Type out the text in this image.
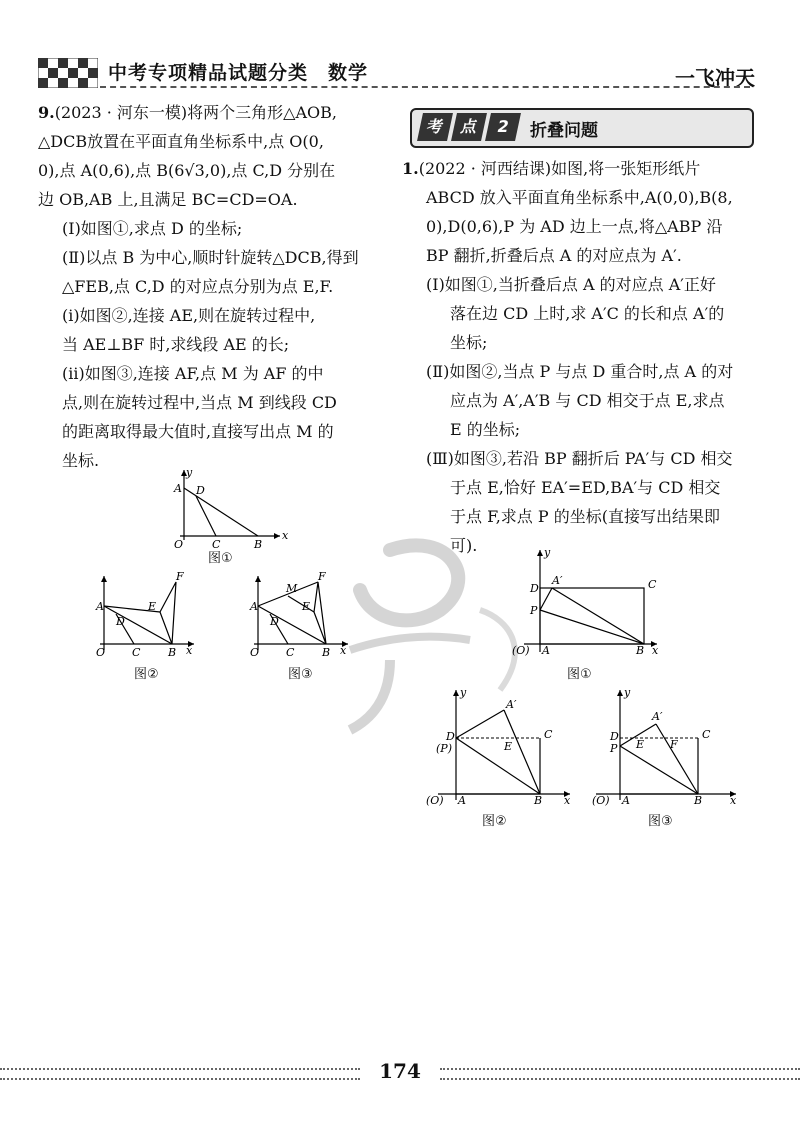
中考专项精品试题分类　数学	一飞冲天

9.(2023 · 河东一模)将两个三角形△AOB,

△DCB放置在平面直角坐标系中,点 O(0,

0),点 A(0,6),点 B(6√3,0),点 C,D 分别在

边 OB,AB 上,且满足 BC=CD=OA.

(Ⅰ)如图①,求点 D 的坐标;

(Ⅱ)以点 B 为中心,顺时针旋转△DCB,得到

△FEB,点 C,D 的对应点分别为点 E,F.

(ⅰ)如图②,连接 AE,则在旋转过程中,

当 AE⊥BF 时,求线段 AE 的长;

(ⅱ)如图③,连接 AF,点 M 为 AF 的中

点,则在旋转过程中,当点 M 到线段 CD

的距离取得最大值时,直接写出点 M 的

坐标.

y
x
A D
O	C	B
图①
A
D
E
F
O C	B x
图②
A
D
M
E
F
O C	B x
图③
考 点	2	折叠问题

1.(2022 · 河西结课)如图,将一张矩形纸片

ABCD 放入平面直角坐标系中,A(0,0),B(8,

0),D(0,6),P 为 AD 边上一点,将△ABP 沿

BP 翻折,折叠后点 A 的对应点为 A′.

(Ⅰ)如图①,当折叠后点 A 的对应点 A′正好

落在边 CD 上时,求 A′C 的长和点 A′的

坐标;

(Ⅱ)如图②,当点 P 与点 D 重合时,点 A 的对

应点为 A′,A′B 与 CD 相交于点 E,求点

E 的坐标;

(Ⅲ)如图③,若沿 BP 翻折后 PA′与 CD 相交

于点 E,恰好 EA′=ED,BA′与 CD 相交

于点 F,求点 P 的坐标(直接写出结果即

可).	y
x
D
A′	C
P
(O) A	B
图①
y
x
D
(P)
A′
E
C
(O) A	B
图②
y
x
D
P
A′
E F
C
(O) A	B
图③
174
